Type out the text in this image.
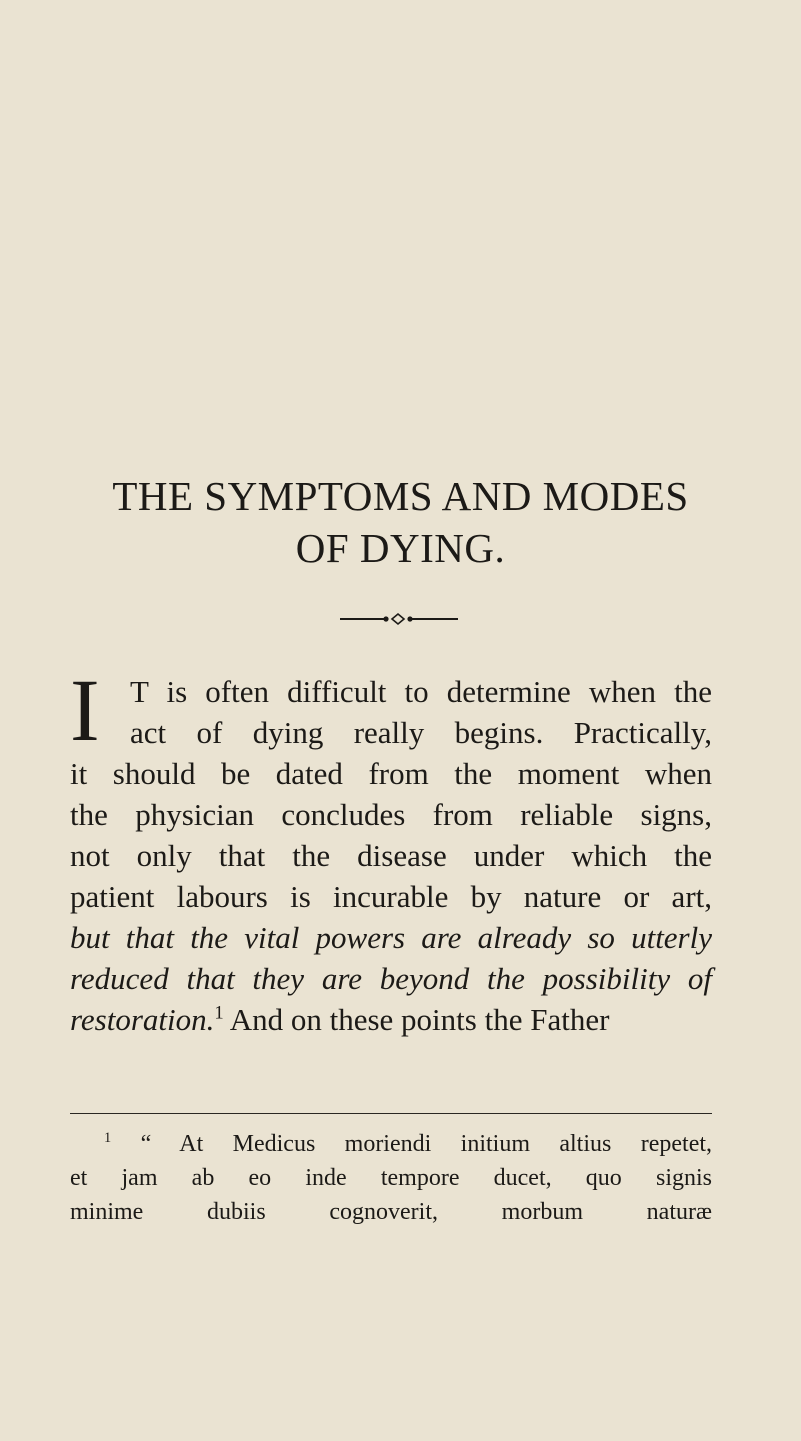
THE SYMPTOMS AND MODES
OF DYING.
I T is often difficult to determine when the
act of dying really begins. Practically,
it should be dated from the moment when
the physician concludes from reliable signs,
not only that the disease under which the
patient labours is incurable by nature or art,
but that the vital powers are already so utterly
reduced that they are beyond the possibility of
restoration.$^1$ And on these points the Father
$^1$ “ At Medicus moriendi initium altius repetet,
et jam ab eo inde tempore ducet, quo signis
minime dubiis cognoverit, morbum naturæ
